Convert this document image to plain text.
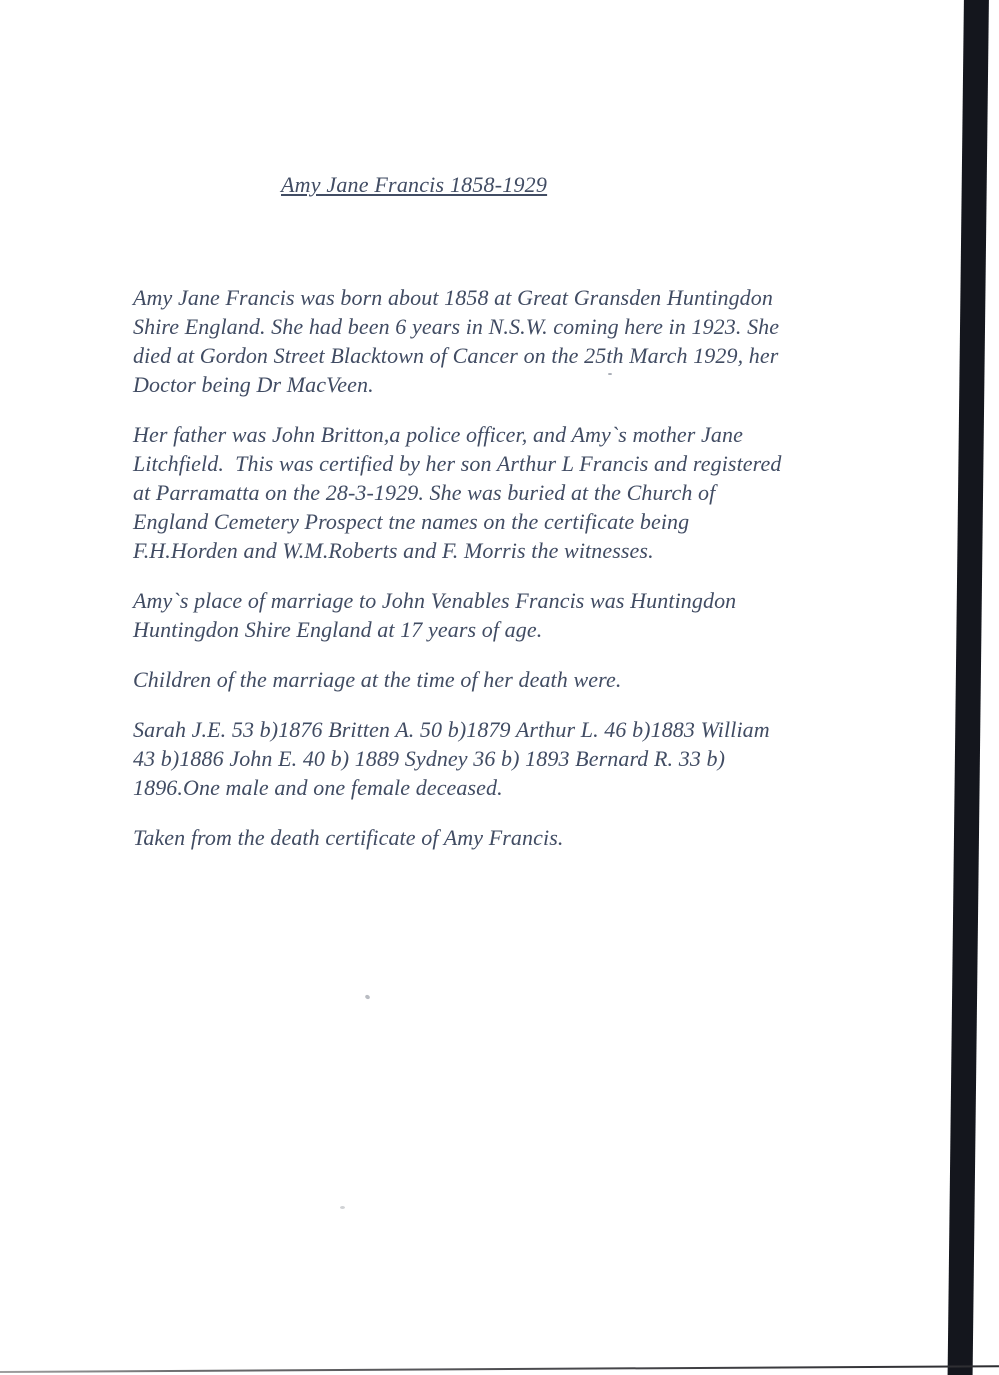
Amy Jane Francis 1858-1929

Amy Jane Francis was born about 1858 at Great Gransden Huntingdon
Shire England. She had been 6 years in N.S.W. coming here in 1923. She
died at Gordon Street Blacktown of Cancer on the 25th March 1929, her
Doctor being Dr MacVeen.

Her father was John Britton,a police officer, and Amy`s mother Jane
Litchfield.  This was certified by her son Arthur L Francis and registered
at Parramatta on the 28-3-1929. She was buried at the Church of
England Cemetery Prospect tne names on the certificate being
F.H.Horden and W.M.Roberts and F. Morris the witnesses.

Amy`s place of marriage to John Venables Francis was Huntingdon
Huntingdon Shire England at 17 years of age.

Children of the marriage at the time of her death were.

Sarah J.E. 53 b)1876 Britten A. 50 b)1879 Arthur L. 46 b)1883 William
43 b)1886 John E. 40 b) 1889 Sydney 36 b) 1893 Bernard R. 33 b)
1896.One male and one female deceased.

Taken from the death certificate of Amy Francis.
